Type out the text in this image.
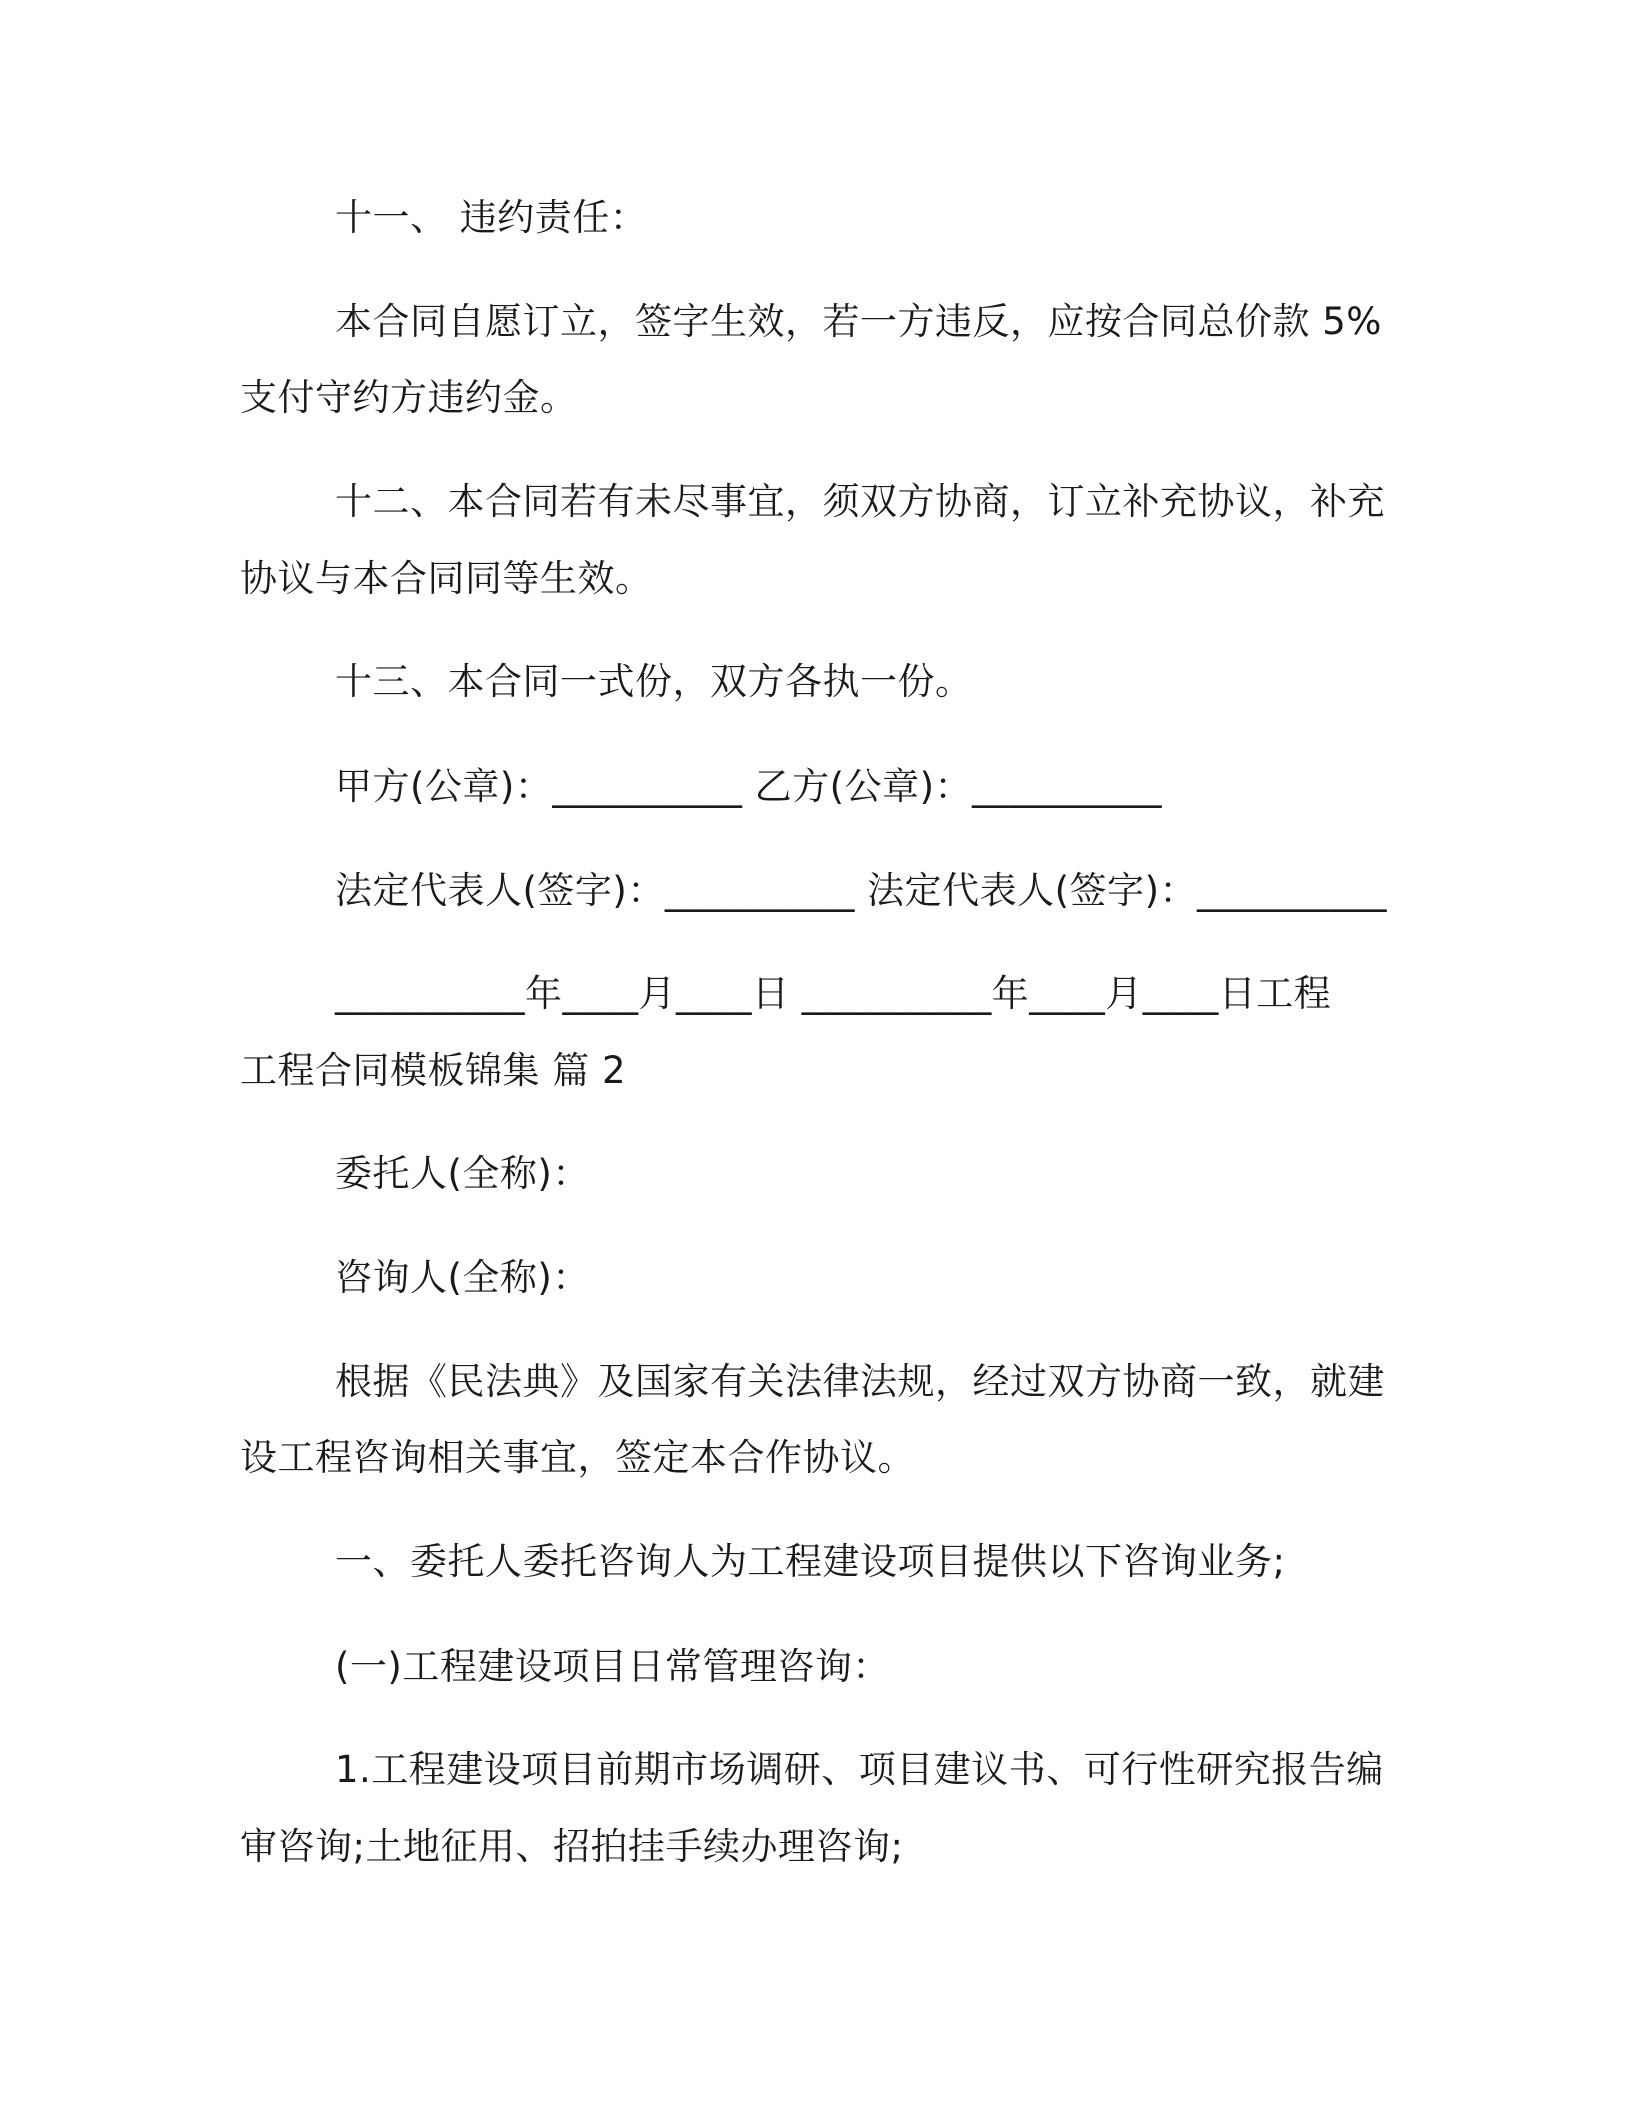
十一、 违约责任：
本合同自愿订立，签字生效，若一方违反，应按合同总价款 5%
支付守约方违约金。
十二、本合同若有未尽事宜，须双方协商，订立补充协议，补充
协议与本合同同等生效。
十三、本合同一式份，双方各执一份。
甲方(公章)：__________ 乙方(公章)：__________
法定代表人(签字)：__________ 法定代表人(签字)：__________
__________年____月____日 __________年____月____日工程
工程合同模板锦集 篇 2
委托人(全称)：
咨询人(全称)：
根据《民法典》及国家有关法律法规，经过双方协商一致，就建
设工程咨询相关事宜，签定本合作协议。
一、委托人委托咨询人为工程建设项目提供以下咨询业务;
(一)工程建设项目日常管理咨询：
1.工程建设项目前期市场调研、项目建议书、可行性研究报告编
审咨询;土地征用、招拍挂手续办理咨询;
